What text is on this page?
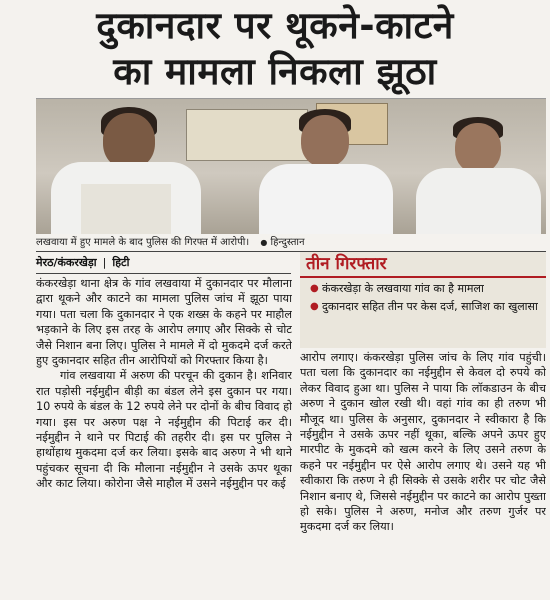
दुकानदार पर थूकने-काटने
का मामला निकला झूठा
लखवाया में हुए मामले के बाद पुलिस की गिरफ्त में आरोपी। ● हिन्दुस्तान
मेरठ/कंकरखेड़ा | हिटी	तीन गिरफ्तार
● कंकरखेड़ा के लखवाया गांव का है मामला
● दुकानदार सहित तीन पर केस दर्ज, साजिश का खुलासा

कंकरखेड़ा थाना क्षेत्र के गांव लखवाया में दुकानदार पर मौलाना द्वारा थूकने और काटने का मामला पुलिस जांच में झूठा पाया गया। पता चला कि दुकानदार ने एक शख्स के कहने पर माहौल भड़काने के लिए इस तरह के आरोप लगाए और सिक्के से चोट जैसे निशान बना लिए। पुलिस ने मामले में दो मुकदमे दर्ज करते हुए दुकानदार सहित तीन आरोपियों को गिरफ्तार किया है।

गांव लखवाया में अरुण की परचून की दुकान है। शनिवार रात पड़ोसी नईमुद्दीन बीड़ी का बंडल लेने इस दुकान पर गया। 10 रुपये के बंडल के 12 रुपये लेने पर दोनों के बीच विवाद हो गया। इस पर अरुण पक्ष ने नईमुद्दीन की पिटाई कर दी। नईमुद्दीन ने थाने पर पिटाई की तहरीर दी। इस पर पुलिस ने हाथोंहाथ मुकदमा दर्ज कर लिया। इसके बाद अरुण ने भी थाने पहुंचकर सूचना दी कि मौलाना नईमुद्दीन ने उसके ऊपर थूका और काट लिया। कोरोना जैसे माहौल में उसने नईमुद्दीन पर कई

आरोप लगाए। कंकरखेड़ा पुलिस जांच के लिए गांव पहुंची। पता चला कि दुकानदार का नईमुद्दीन से केवल दो रुपये को लेकर विवाद हुआ था। पुलिस ने पाया कि लॉकडाउन के बीच अरुण ने दुकान खोल रखी थी। वहां गांव का ही तरुण भी मौजूद था। पुलिस के अनुसार, दुकानदार ने स्वीकारा है कि नईमुद्दीन ने उसके ऊपर नहीं थूका, बल्कि अपने ऊपर हुए मारपीट के मुकदमे को खत्म करने के लिए उसने तरुण के कहने पर नईमुद्दीन पर ऐसे आरोप लगाए थे। उसने यह भी स्वीकारा कि तरुण ने ही सिक्के से उसके शरीर पर चोट जैसे निशान बनाए थे, जिससे नईमुद्दीन पर काटने का आरोप पुख्ता हो सके। पुलिस ने अरुण, मनोज और तरुण गुर्जर पर मुकदमा दर्ज कर लिया।
